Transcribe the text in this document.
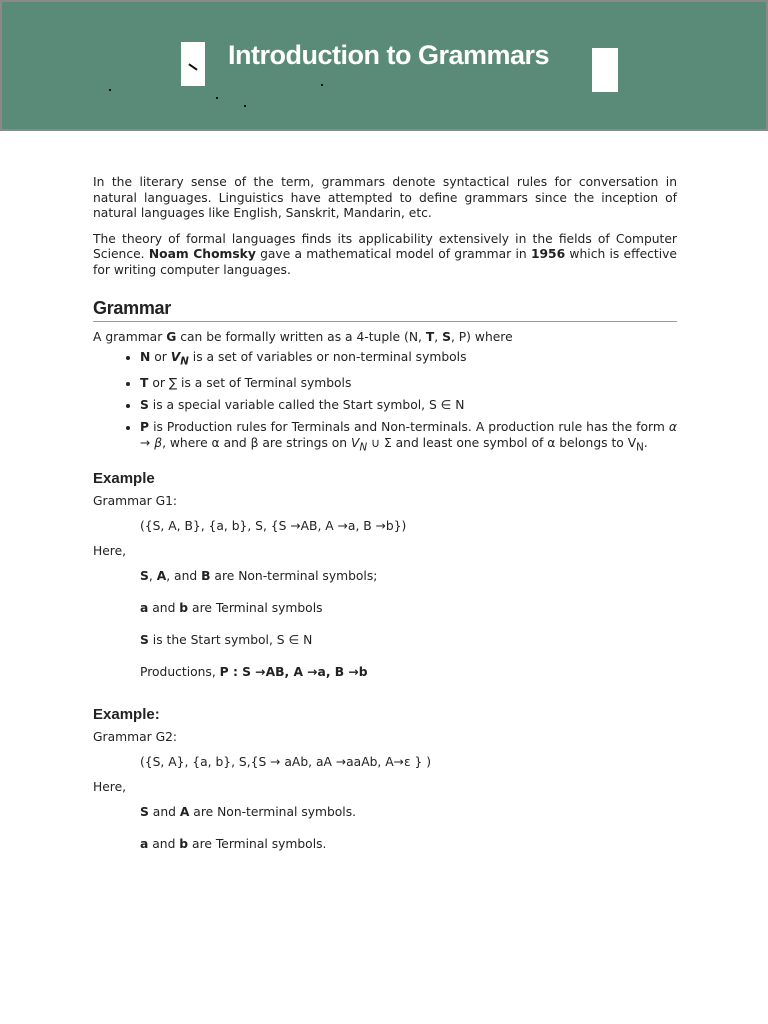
Introduction to Grammars

In the literary sense of the term, grammars denote syntactical rules for conversation in natural languages. Linguistics have attempted to define grammars since the inception of natural languages like English, Sanskrit, Mandarin, etc.

The theory of formal languages finds its applicability extensively in the fields of Computer Science. Noam Chomsky gave a mathematical model of grammar in 1956 which is effective for writing computer languages.

Grammar

A grammar G can be formally written as a 4-tuple (N, T, S, P) where

• N or $V_N$ is a set of variables or non-terminal symbols
• T or ∑ is a set of Terminal symbols
• S is a special variable called the Start symbol, S ∈ N
• P is Production rules for Terminals and Non-terminals. A production rule has the form α → β, where α and β are strings on $V_N$ ∪ Σ and least one symbol of α belongs to $V_N$.
Example

Grammar G1:

({S, A, B}, {a, b}, S, {S →AB, A →a, B →b})

Here,

S, A, and B are Non-terminal symbols;

a and b are Terminal symbols

S is the Start symbol, S ∈ N

Productions, P : S →AB, A →a, B →b

Example:

Grammar G2:

({S, A}, {a, b}, S,{S → aAb, aA →aaAb, A→ε } )

Here,

S and A are Non-terminal symbols.

a and b are Terminal symbols.
